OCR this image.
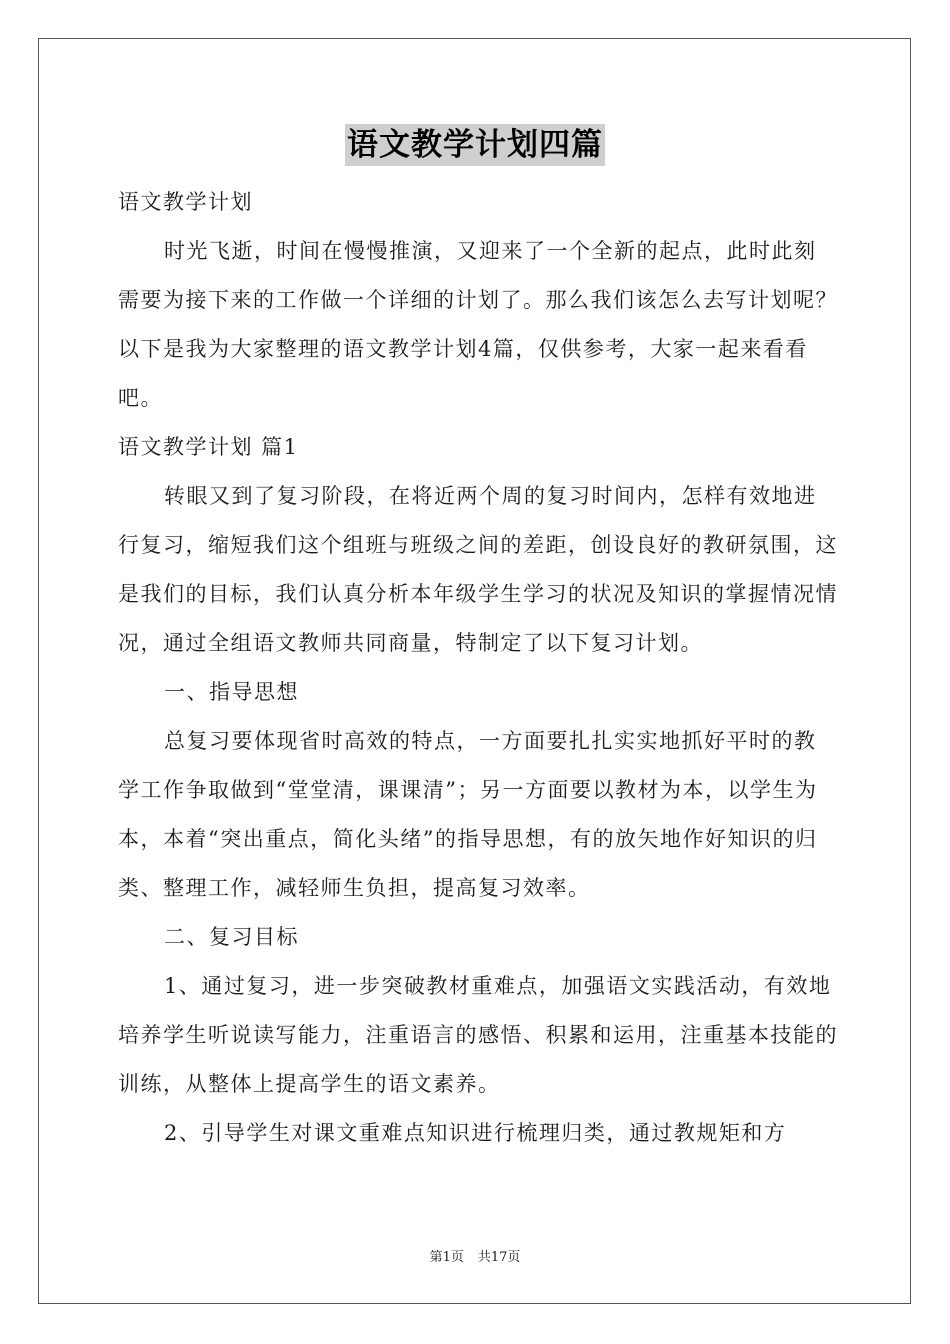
语文教学计划四篇

语文教学计划

时光飞逝，时间在慢慢推演，又迎来了一个全新的起点，此时此刻需要为接下来的工作做一个详细的计划了。那么我们该怎么去写计划呢？以下是我为大家整理的语文教学计划4篇，仅供参考，大家一起来看看吧。

语文教学计划 篇1

转眼又到了复习阶段，在将近两个周的复习时间内，怎样有效地进行复习，缩短我们这个组班与班级之间的差距，创设良好的教研氛围，这是我们的目标，我们认真分析本年级学生学习的状况及知识的掌握情况情况，通过全组语文教师共同商量，特制定了以下复习计划。

一、指导思想

总复习要体现省时高效的特点，一方面要扎扎实实地抓好平时的教学工作争取做到“堂堂清，课课清”；另一方面要以教材为本，以学生为本，本着“突出重点，简化头绪”的指导思想，有的放矢地作好知识的归类、整理工作，减轻师生负担，提高复习效率。

二、复习目标

1、通过复习，进一步突破教材重难点，加强语文实践活动，有效地培养学生听说读写能力，注重语言的感悟、积累和运用，注重基本技能的训练，从整体上提高学生的语文素养。

2、引导学生对课文重难点知识进行梳理归类，通过教规矩和方

第1页 共17页
